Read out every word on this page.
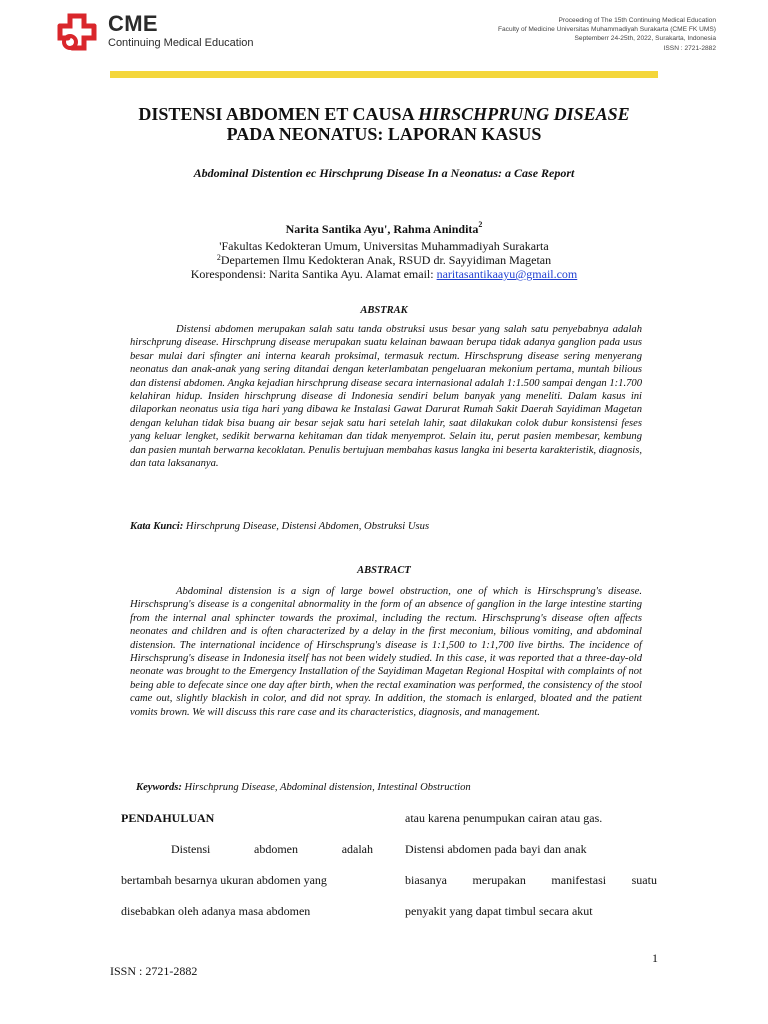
CME
Continuing Medical Education
Proceeding of The 15th Continuing Medical Education
Faculty of Medicine Universitas Muhammadiyah Surakarta (CME FK UMS)
Septemberr 24-25th, 2022, Surakarta, Indonesia
ISSN : 2721-2882
DISTENSI ABDOMEN ET CAUSA HIRSCHPRUNG DISEASE
PADA NEONATUS: LAPORAN KASUS
Abdominal Distention ec Hirschprung Disease In a Neonatus: a Case Report
Narita Santika Ayu', Rahma Anindita$^2$
'Fakultas Kedokteran Umum, Universitas Muhammadiyah Surakarta
$^2$Departemen Ilmu Kedokteran Anak, RSUD dr. Sayyidiman Magetan
Korespondensi: Narita Santika Ayu. Alamat email: naritasantikaayu@gmail.com
ABSTRAK
Distensi abdomen merupakan salah satu tanda obstruksi usus besar yang salah satu penyebabnya adalah hirschprung disease. Hirschprung disease merupakan suatu kelainan bawaan berupa tidak adanya ganglion pada usus besar mulai dari sfingter ani interna kearah proksimal, termasuk rectum. Hirschsprung disease sering menyerang neonatus dan anak-anak yang sering ditandai dengan keterlambatan pengeluaran mekonium pertama, muntah bilious dan distensi abdomen. Angka kejadian hirschprung disease secara internasional adalah 1:1.500 sampai dengan 1:1.700 kelahiran hidup. Insiden hirschprung disease di Indonesia sendiri belum banyak yang meneliti. Dalam kasus ini dilaporkan neonatus usia tiga hari yang dibawa ke Instalasi Gawat Darurat Rumah Sakit Daerah Sayidiman Magetan dengan keluhan tidak bisa buang air besar sejak satu hari setelah lahir, saat dilakukan colok dubur konsistensi feses yang keluar lengket, sedikit berwarna kehitaman dan tidak menyemprot. Selain itu, perut pasien membesar, kembung dan pasien muntah berwarna kecoklatan. Penulis bertujuan membahas kasus langka ini beserta karakteristik, diagnosis, dan tata laksananya.
Kata Kunci: Hirschprung Disease, Distensi Abdomen, Obstruksi Usus
ABSTRACT
Abdominal distension is a sign of large bowel obstruction, one of which is Hirschsprung's disease. Hirschsprung's disease is a congenital abnormality in the form of an absence of ganglion in the large intestine starting from the internal anal sphincter towards the proximal, including the rectum. Hirschsprung's disease often affects neonates and children and is often characterized by a delay in the first meconium, bilious vomiting, and abdominal distension. The international incidence of Hirschsprung's disease is 1:1,500 to 1:1,700 live births. The incidence of Hirschsprung's disease in Indonesia itself has not been widely studied. In this case, it was reported that a three-day-old neonate was brought to the Emergency Installation of the Sayidiman Magetan Regional Hospital with complaints of not being able to defecate since one day after birth, when the rectal examination was performed, the consistency of the stool came out, slightly blackish in color, and did not spray. In addition, the stomach is enlarged, bloated and the patient vomits brown. We will discuss this rare case and its characteristics, diagnosis, and management.
Keywords: Hirschprung Disease, Abdominal distension, Intestinal Obstruction
PENDAHULUAN
Distensi	abdomen	adalah
bertambah besarnya ukuran abdomen yang
disebabkan oleh adanya masa abdomen
atau karena penumpukan cairan atau gas.
Distensi abdomen pada bayi dan anak
biasanya merupakan manifestasi suatu
penyakit yang dapat timbul secara akut
1
ISSN : 2721-2882
